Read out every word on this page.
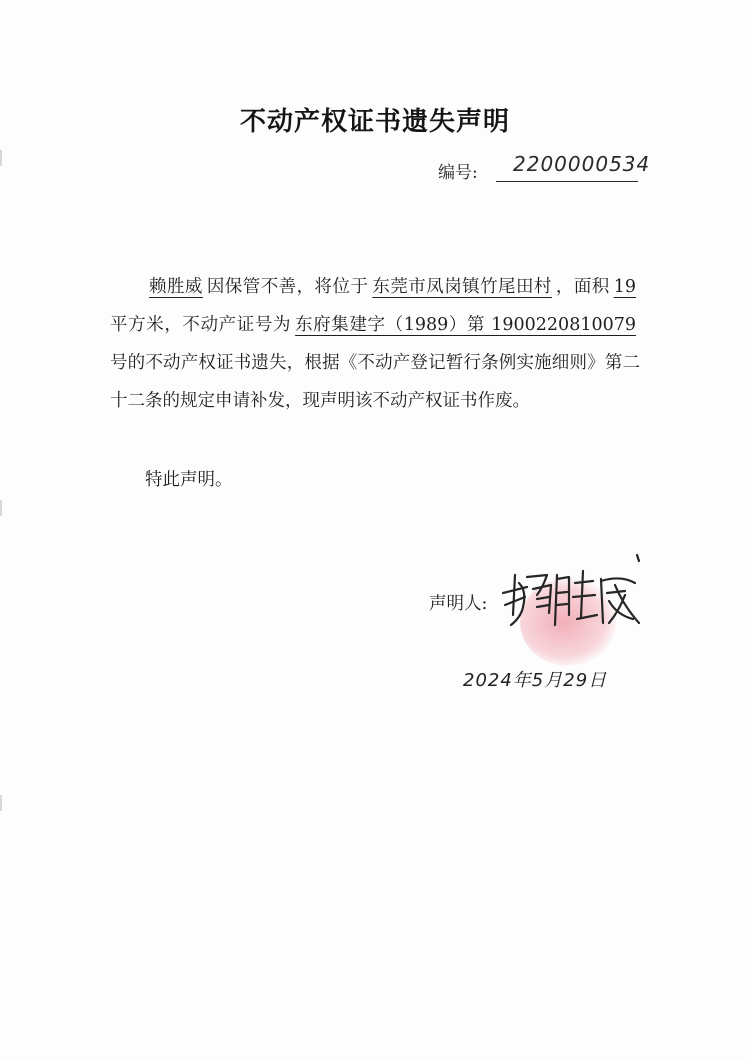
不动产权证书遗失声明
编号: 2200000534
赖胜威 因保管不善，将位于 东莞市凤岗镇竹尾田村 ，面积 19平方米，不动产证号为 东府集建字（1989）第 1900220810079号的不动产权证书遗失，根据《不动产登记暂行条例实施细则》第二十二条的规定申请补发，现声明该不动产权证书作废。
特此声明。
声明人:
2024年5月29日
